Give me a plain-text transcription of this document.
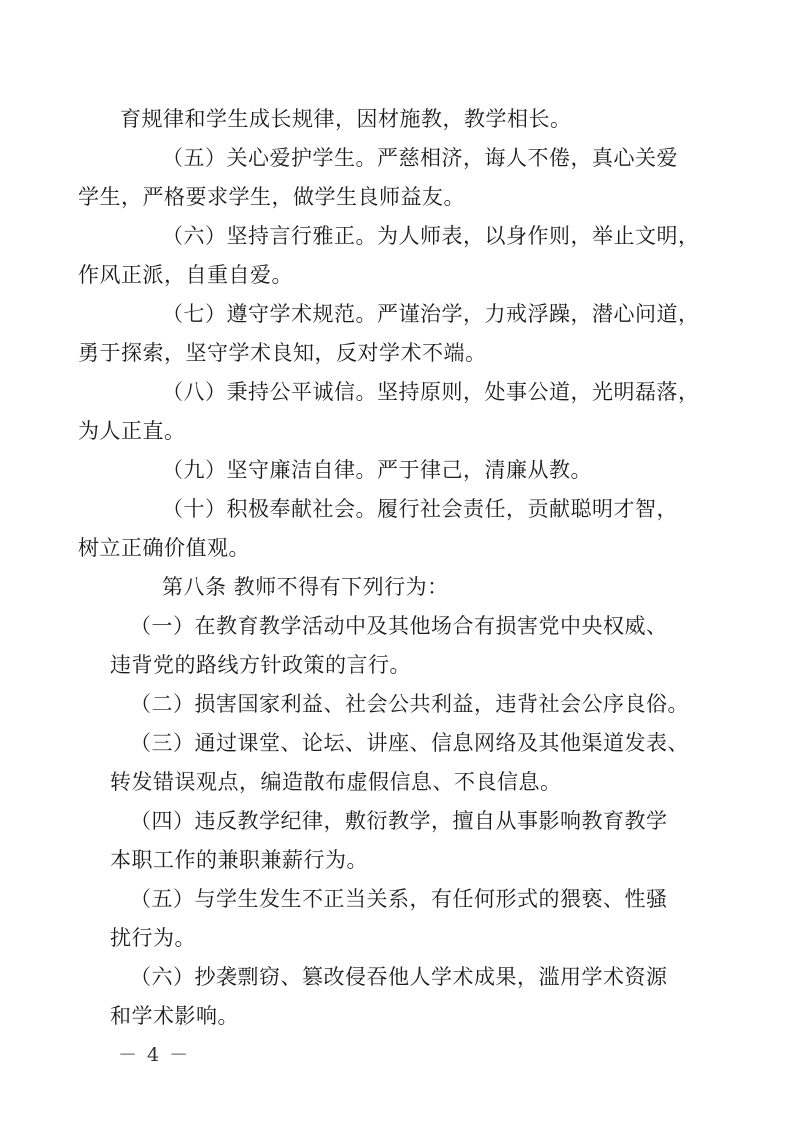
育规律和学生成长规律，因材施教，教学相长。

（五）关心爱护学生。严慈相济，诲人不倦，真心关爱
学生，严格要求学生，做学生良师益友。

（六）坚持言行雅正。为人师表，以身作则，举止文明，
作风正派，自重自爱。

（七）遵守学术规范。严谨治学，力戒浮躁，潜心问道，
勇于探索，坚守学术良知，反对学术不端。

（八）秉持公平诚信。坚持原则，处事公道，光明磊落，
为人正直。

（九）坚守廉洁自律。严于律己，清廉从教。

（十）积极奉献社会。履行社会责任，贡献聪明才智，
树立正确价值观。

第八条 教师不得有下列行为：

（一）在教育教学活动中及其他场合有损害党中央权威、
违背党的路线方针政策的言行。

（二）损害国家利益、社会公共利益，违背社会公序良俗。

（三）通过课堂、论坛、讲座、信息网络及其他渠道发表、
转发错误观点，编造散布虚假信息、不良信息。

（四）违反教学纪律，敷衍教学，擅自从事影响教育教学
本职工作的兼职兼薪行为。

（五）与学生发生不正当关系，有任何形式的猥亵、性骚
扰行为。

（六）抄袭剽窃、篡改侵吞他人学术成果，滥用学术资源
和学术影响。

－ 4 －
